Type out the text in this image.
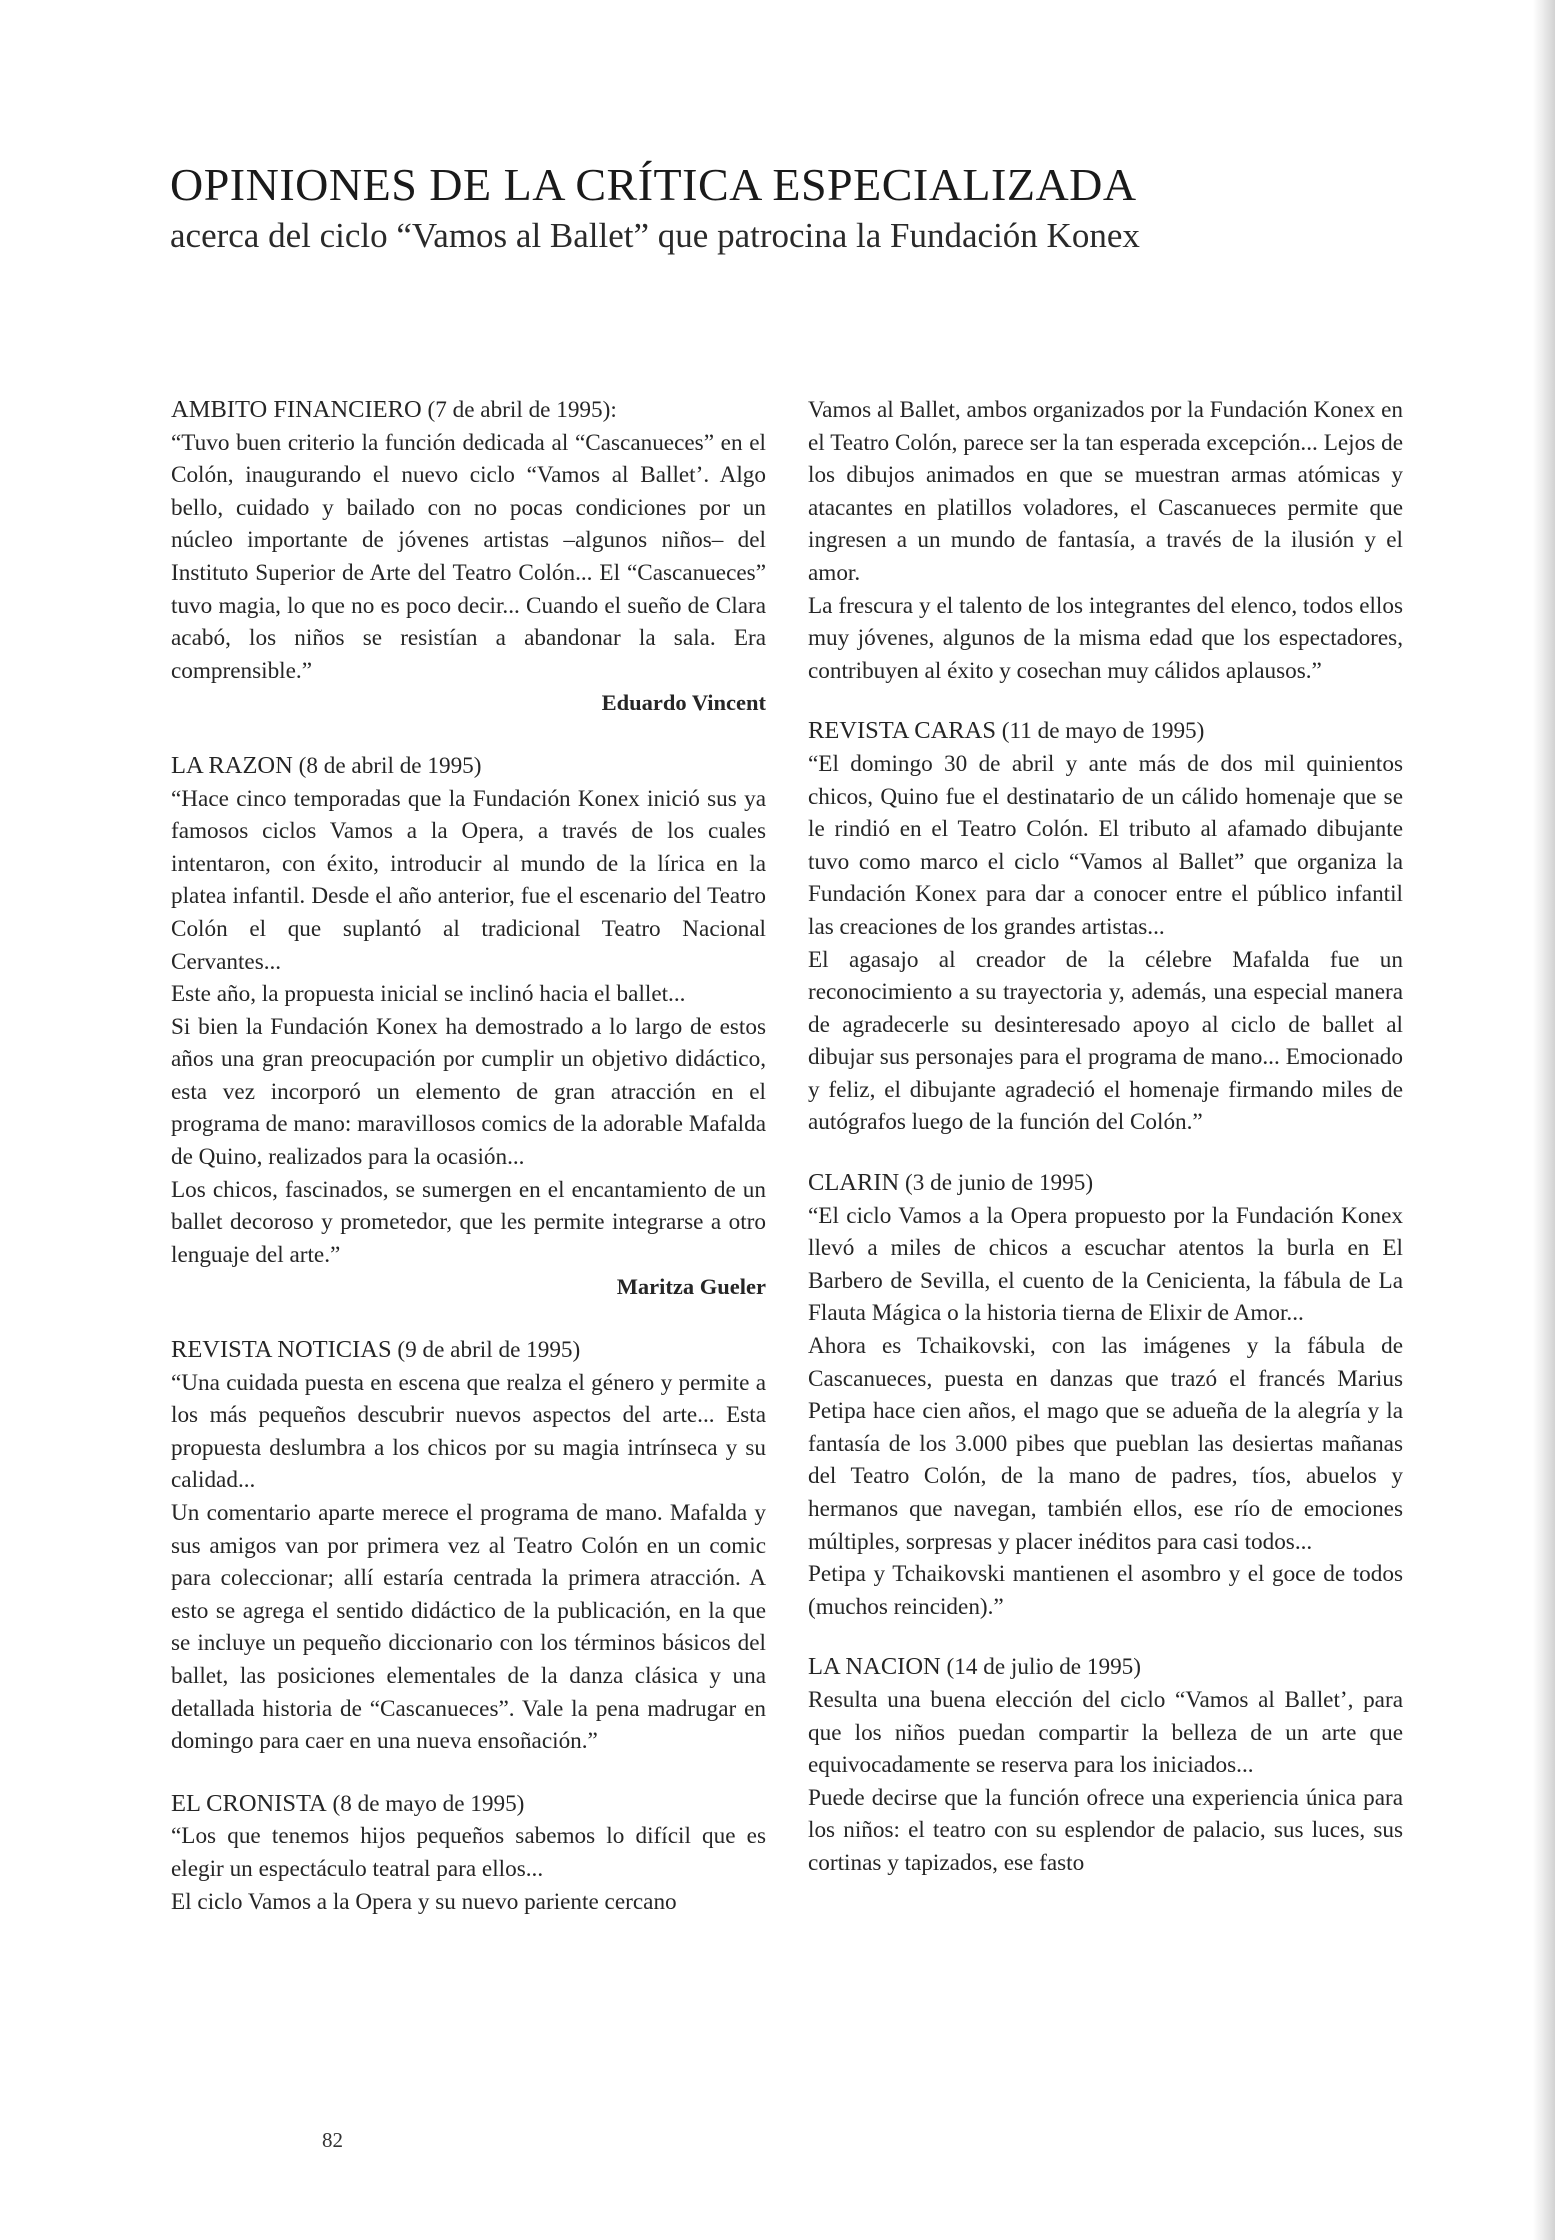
OPINIONES DE LA CRÍTICA ESPECIALIZADA

acerca del ciclo “Vamos al Ballet” que patrocina la Fundación Konex

AMBITO FINANCIERO (7 de abril de 1995):

“Tuvo buen criterio la función dedicada al “Cascanueces” en el Colón, inaugurando el nuevo ciclo “Vamos al Ballet’. Algo bello, cuidado y bailado con no pocas condiciones por un núcleo importante de jóvenes artistas –algunos niños– del Instituto Superior de Arte del Teatro Colón... El “Cascanueces” tuvo magia, lo que no es poco decir... Cuando el sueño de Clara acabó, los niños se resistían a abandonar la sala. Era comprensible.”

Eduardo Vincent

LA RAZON (8 de abril de 1995)

“Hace cinco temporadas que la Fundación Konex inició sus ya famosos ciclos Vamos a la Opera, a través de los cuales intentaron, con éxito, introducir al mundo de la lírica en la platea infantil. Desde el año anterior, fue el escenario del Teatro Colón el que suplantó al tradicional Teatro Nacional Cervantes...

Este año, la propuesta inicial se inclinó hacia el ballet...

Si bien la Fundación Konex ha demostrado a lo largo de estos años una gran preocupación por cumplir un objetivo didáctico, esta vez incorporó un elemento de gran atracción en el programa de mano: maravillosos comics de la adorable Mafalda de Quino, realizados para la ocasión...

Los chicos, fascinados, se sumergen en el encantamiento de un ballet decoroso y prometedor, que les permite integrarse a otro lenguaje del arte.”

Maritza Gueler

REVISTA NOTICIAS (9 de abril de 1995)

“Una cuidada puesta en escena que realza el género y permite a los más pequeños descubrir nuevos aspectos del arte... Esta propuesta deslumbra a los chicos por su magia intrínseca y su calidad...

Un comentario aparte merece el programa de mano. Mafalda y sus amigos van por primera vez al Teatro Colón en un comic para coleccionar; allí estaría centrada la primera atracción. A esto se agrega el sentido didáctico de la publicación, en la que se incluye un pequeño diccionario con los términos básicos del ballet, las posiciones elementales de la danza clásica y una detallada historia de “Cascanueces”. Vale la pena madrugar en domingo para caer en una nueva ensoñación.”

EL CRONISTA (8 de mayo de 1995)

“Los que tenemos hijos pequeños sabemos lo difícil que es elegir un espectáculo teatral para ellos...

El ciclo Vamos a la Opera y su nuevo pariente cercano

Vamos al Ballet, ambos organizados por la Fundación Konex en el Teatro Colón, parece ser la tan esperada excepción... Lejos de los dibujos animados en que se muestran armas atómicas y atacantes en platillos voladores, el Cascanueces permite que ingresen a un mundo de fantasía, a través de la ilusión y el amor.

La frescura y el talento de los integrantes del elenco, todos ellos muy jóvenes, algunos de la misma edad que los espectadores, contribuyen al éxito y cosechan muy cálidos aplausos.”

REVISTA CARAS (11 de mayo de 1995)

“El domingo 30 de abril y ante más de dos mil quinientos chicos, Quino fue el destinatario de un cálido homenaje que se le rindió en el Teatro Colón. El tributo al afamado dibujante tuvo como marco el ciclo “Vamos al Ballet” que organiza la Fundación Konex para dar a conocer entre el público infantil las creaciones de los grandes artistas...

El agasajo al creador de la célebre Mafalda fue un reconocimiento a su trayectoria y, además, una especial manera de agradecerle su desinteresado apoyo al ciclo de ballet al dibujar sus personajes para el programa de mano... Emocionado y feliz, el dibujante agradeció el homenaje firmando miles de autógrafos luego de la función del Colón.”

CLARIN (3 de junio de 1995)

“El ciclo Vamos a la Opera propuesto por la Fundación Konex llevó a miles de chicos a escuchar atentos la burla en El Barbero de Sevilla, el cuento de la Cenicienta, la fábula de La Flauta Mágica o la historia tierna de Elixir de Amor...

Ahora es Tchaikovski, con las imágenes y la fábula de Cascanueces, puesta en danzas que trazó el francés Marius Petipa hace cien años, el mago que se adueña de la alegría y la fantasía de los 3.000 pibes que pueblan las desiertas mañanas del Teatro Colón, de la mano de padres, tíos, abuelos y hermanos que navegan, también ellos, ese río de emociones múltiples, sorpresas y placer inéditos para casi todos...

Petipa y Tchaikovski mantienen el asombro y el goce de todos (muchos reinciden).”

LA NACION (14 de julio de 1995)

Resulta una buena elección del ciclo “Vamos al Ballet’, para que los niños puedan compartir la belleza de un arte que equivocadamente se reserva para los iniciados...

Puede decirse que la función ofrece una experiencia única para los niños: el teatro con su esplendor de palacio, sus luces, sus cortinas y tapizados, ese fasto

82
